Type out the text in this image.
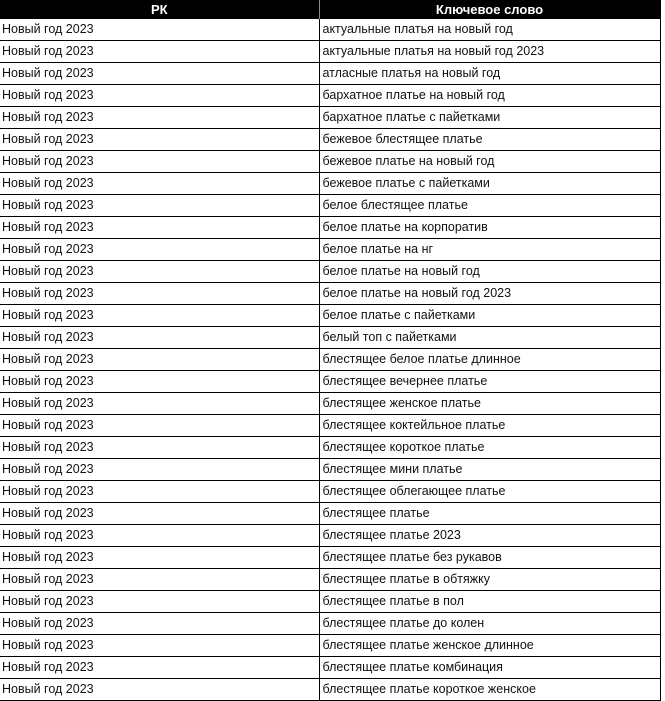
РК	Ключевое слово
Новый год 2023	актуальные платья на новый год
Новый год 2023	актуальные платья на новый год 2023
Новый год 2023	атласные платья на новый год
Новый год 2023	бархатное платье на новый год
Новый год 2023	бархатное платье с пайетками
Новый год 2023	бежевое блестящее платье
Новый год 2023	бежевое платье на новый год
Новый год 2023	бежевое платье с пайетками
Новый год 2023	белое блестящее платье
Новый год 2023	белое платье на корпоратив
Новый год 2023	белое платье на нг
Новый год 2023	белое платье на новый год
Новый год 2023	белое платье на новый год 2023
Новый год 2023	белое платье с пайетками
Новый год 2023	белый топ с пайетками
Новый год 2023	блестящее белое платье длинное
Новый год 2023	блестящее вечернее платье
Новый год 2023	блестящее женское платье
Новый год 2023	блестящее коктейльное платье
Новый год 2023	блестящее короткое платье
Новый год 2023	блестящее мини платье
Новый год 2023	блестящее облегающее платье
Новый год 2023	блестящее платье
Новый год 2023	блестящее платье 2023
Новый год 2023	блестящее платье без рукавов
Новый год 2023	блестящее платье в обтяжку
Новый год 2023	блестящее платье в пол
Новый год 2023	блестящее платье до колен
Новый год 2023	блестящее платье женское длинное
Новый год 2023	блестящее платье комбинация
Новый год 2023	блестящее платье короткое женское
